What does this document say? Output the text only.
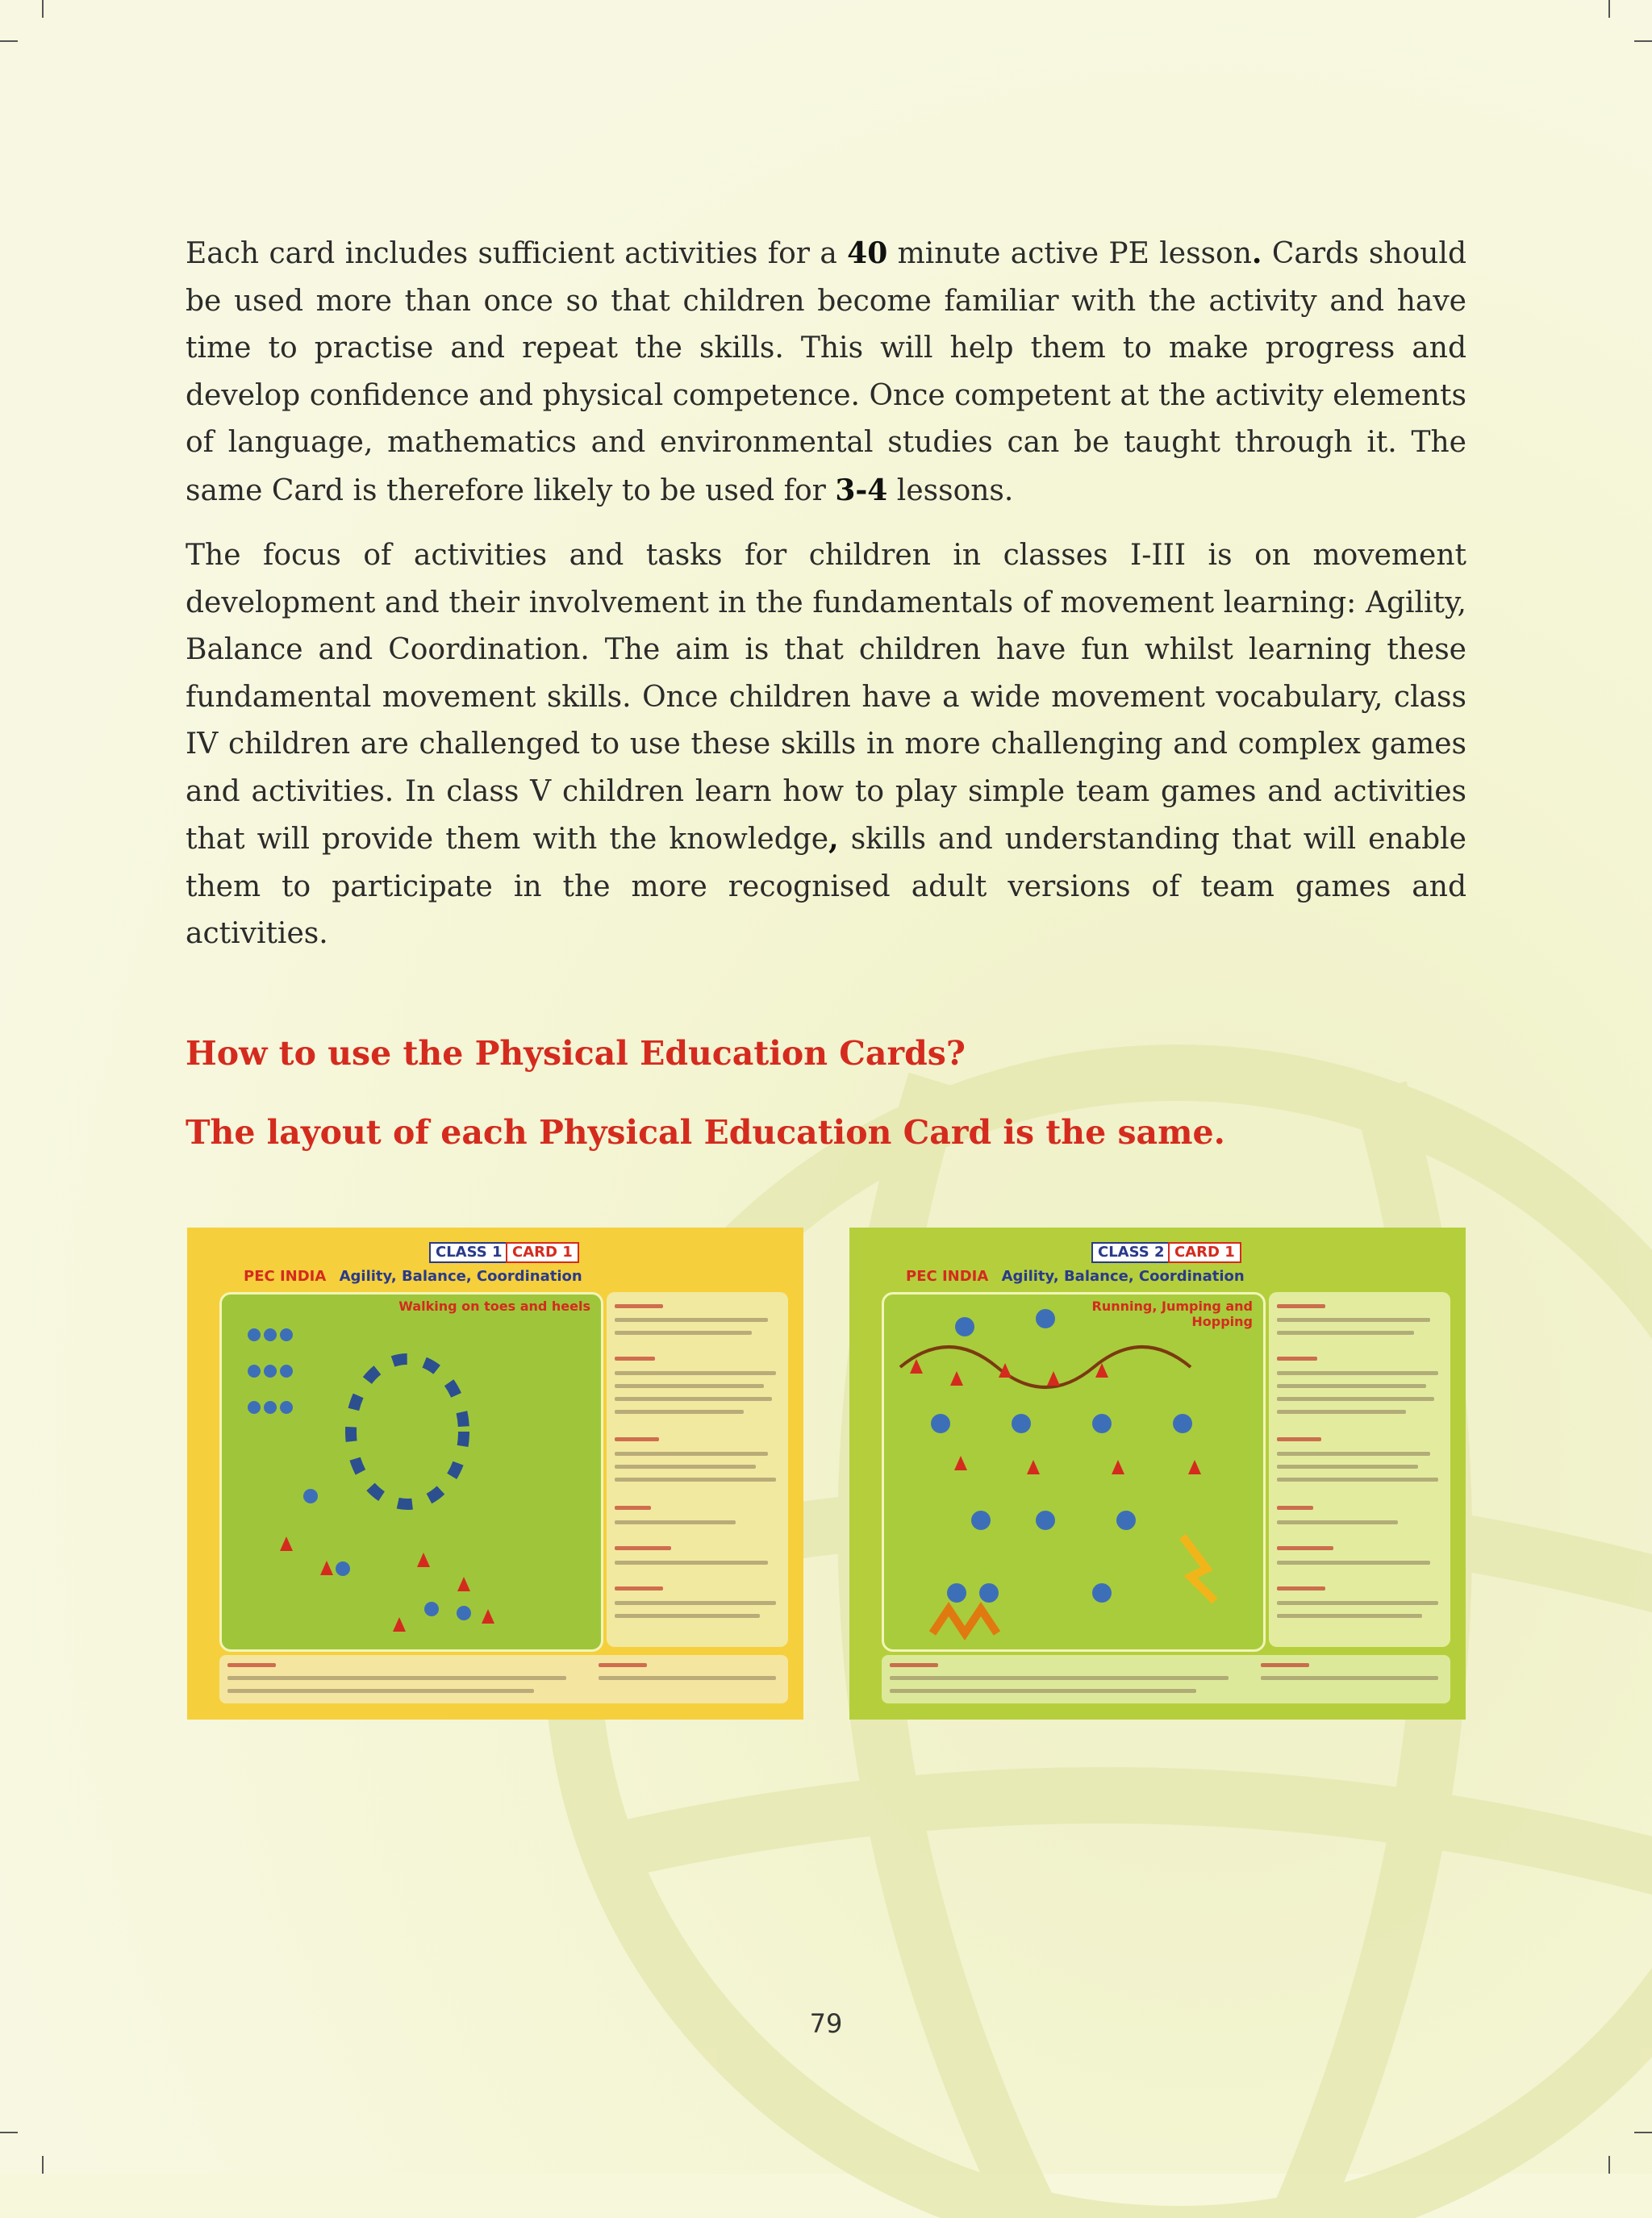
Each card includes sufficient activities for a 40 minute active PE lesson. Cards should be used more than once so that children become familiar with the activity and have time to practise and repeat the skills. This will help them to make progress and develop confidence and physical competence. Once competent at the activity elements of language, mathematics and environmental studies can be taught through it. The same Card is therefore likely to be used for 3-4 lessons.

The focus of activities and tasks for children in classes I-III is on movement development and their involvement in the fundamentals of movement learning: Agility, Balance and Coordination. The aim is that children have fun whilst learning these fundamental movement skills. Once children have a wide movement vocabulary, class IV children are challenged to use these skills in more challenging and complex games and activities. In class V children learn how to play simple team games and activities that will provide them with the knowledge, skills and understanding that will enable them to participate in the more recognised adult versions of team games and activities.

How to use the Physical Education Cards?
The layout of each Physical Education Card is the same.
CLASS 1 CARD 1
PEC INDIA Agility, Balance, Coordination
Walking on toes and heels
CLASS 2 CARD 1
PEC INDIA Agility, Balance, Coordination
Running, Jumping and Hopping
79
